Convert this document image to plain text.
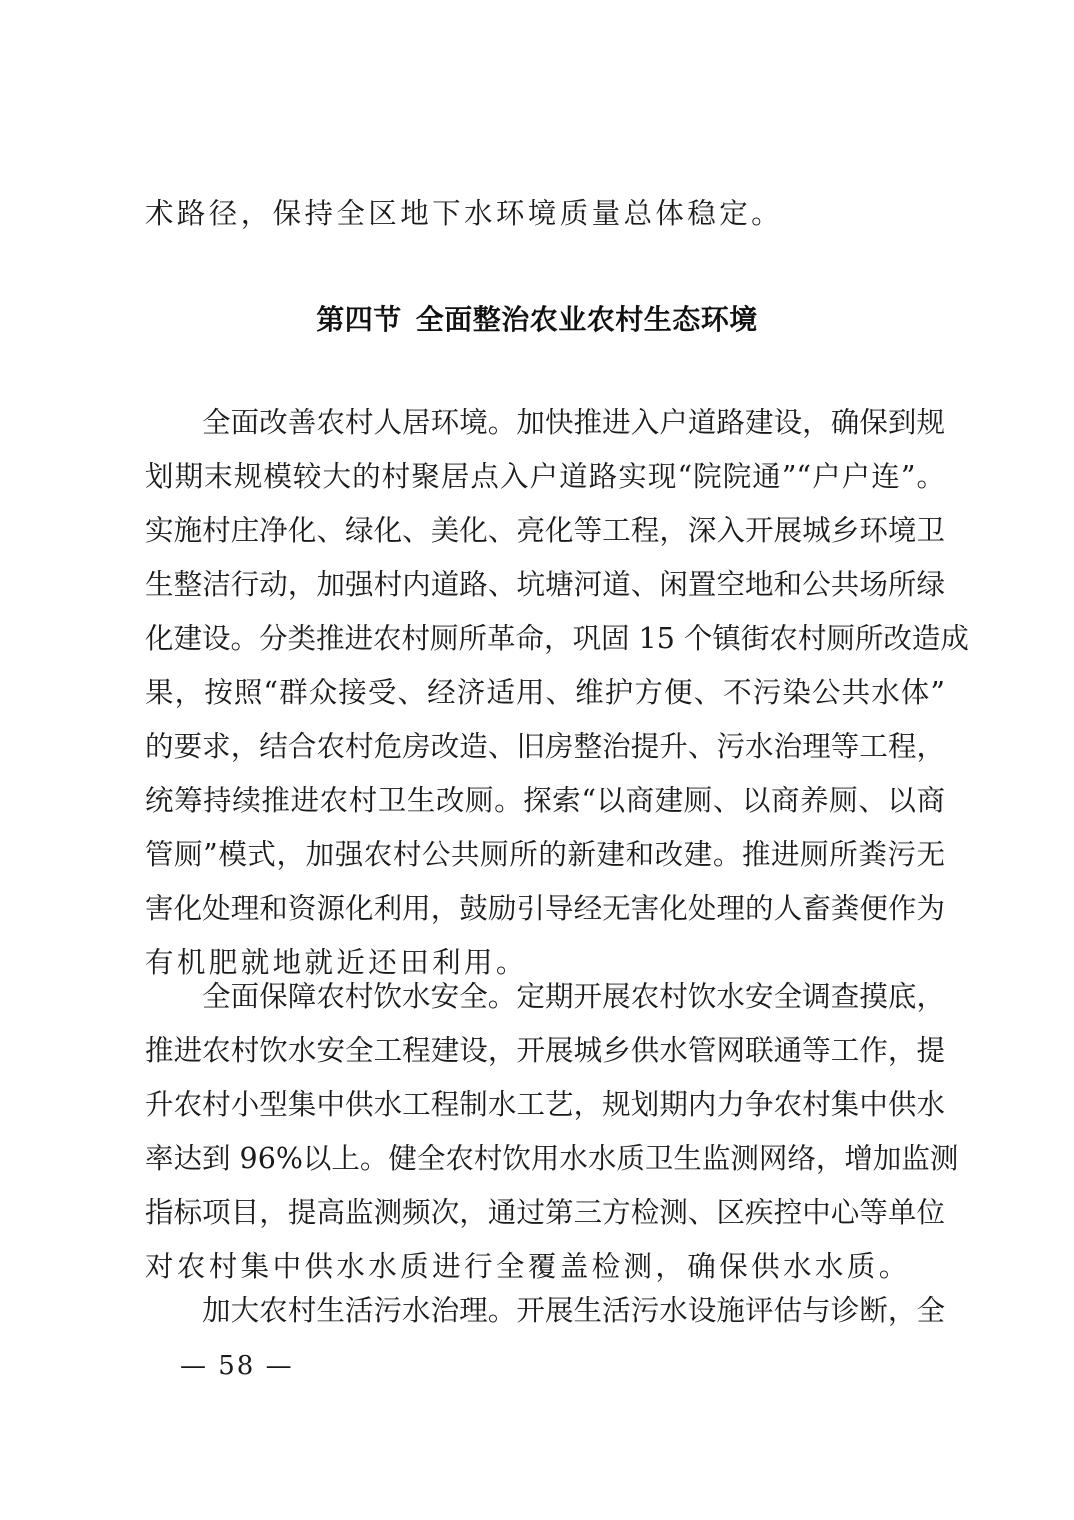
术路径，保持全区地下水环境质量总体稳定。

第四节 全面整治农业农村生态环境

全面改善农村人居环境。加快推进入户道路建设，确保到规

划期末规模较大的村聚居点入户道路实现“院院通”“户户连”。

实施村庄净化、绿化、美化、亮化等工程，深入开展城乡环境卫

生整洁行动，加强村内道路、坑塘河道、闲置空地和公共场所绿

化建设。分类推进农村厕所革命，巩固 15 个镇街农村厕所改造成

果，按照“群众接受、经济适用、维护方便、不污染公共水体”

的要求，结合农村危房改造、旧房整治提升、污水治理等工程，

统筹持续推进农村卫生改厕。探索“以商建厕、以商养厕、以商

管厕”模式，加强农村公共厕所的新建和改建。推进厕所粪污无

害化处理和资源化利用，鼓励引导经无害化处理的人畜粪便作为

有机肥就地就近还田利用。

全面保障农村饮水安全。定期开展农村饮水安全调查摸底，

推进农村饮水安全工程建设，开展城乡供水管网联通等工作，提

升农村小型集中供水工程制水工艺，规划期内力争农村集中供水

率达到 96%以上。健全农村饮用水水质卫生监测网络，增加监测

指标项目，提高监测频次，通过第三方检测、区疾控中心等单位

对农村集中供水水质进行全覆盖检测，确保供水水质。

加大农村生活污水治理。开展生活污水设施评估与诊断，全

— 58 —
